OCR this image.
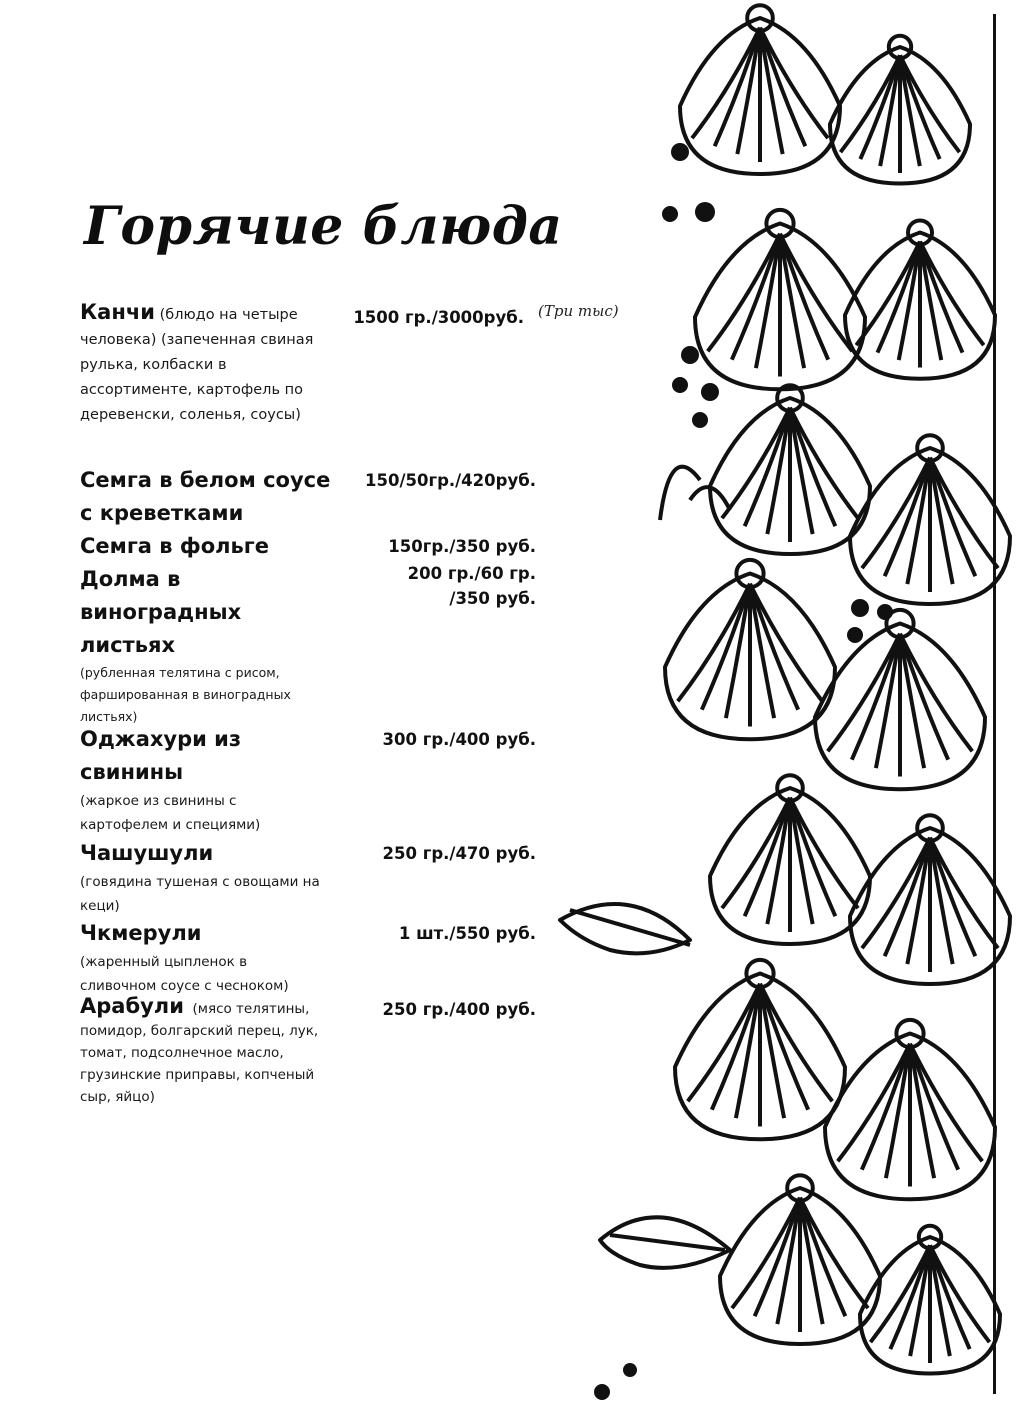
Горячие блюда
Канчи (блюдо на четыре человека) (запеченная свиная рулька, колбаски в ассортименте, картофель по деревенски, соленья, соусы)
1500 гр./3000руб. (Три тыс)
Семга в белом соусе с креветками
150/50гр./420руб.
Семга в фольге	150гр./350 руб.
Долма в виноградных листьях
(рубленная телятина с рисом, фаршированная в виноградных листьях)
200 гр./60 гр.
/350 руб.
Оджахури из свинины
(жаркое из свинины с картофелем и специями)
300 гр./400 руб.
Чашушули
(говядина тушеная с овощами на кеци)
250 гр./470 руб.
Чкмерули
(жаренный цыпленок в сливочном соусе с чесноком)
1 шт./550 руб.
Арабули (мясо телятины, помидор, болгарский перец, лук, томат, подсолнечное масло, грузинские приправы, копченый сыр, яйцо)
250 гр./400 руб.
